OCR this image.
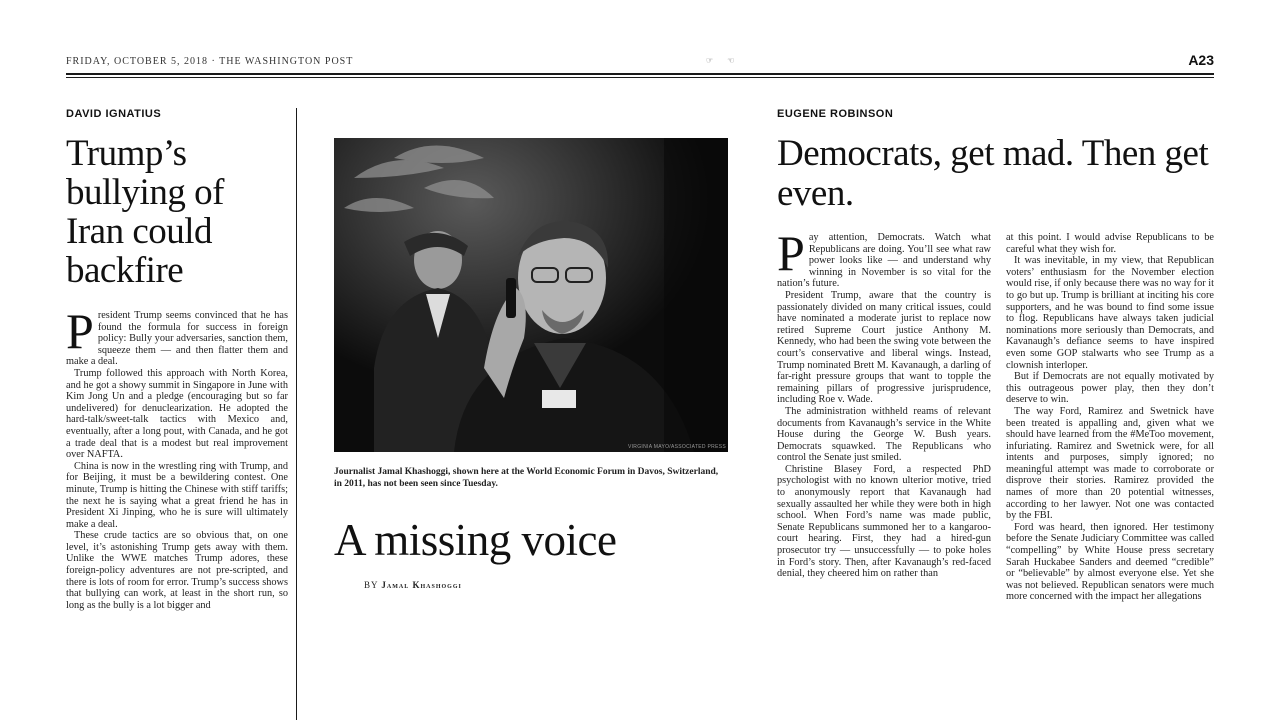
FRIDAY, OCTOBER 5, 2018 · THE WASHINGTON POST	☞ ☜	A23
DAVID IGNATIUS
Trump’s bullying of Iran could backfire

President Trump seems convinced that he has found the formula for success in foreign policy: Bully your adversaries, sanction them, squeeze them — and then flatter them and make a deal.

Trump followed this approach with North Korea, and he got a showy summit in Singapore in June with Kim Jong Un and a pledge (encouraging but so far undelivered) for denuclearization. He adopted the hard-talk/sweet-talk tactics with Mexico and, eventually, after a long pout, with Canada, and he got a trade deal that is a modest but real improvement over NAFTA.

China is now in the wrestling ring with Trump, and for Beijing, it must be a bewildering contest. One minute, Trump is hitting the Chinese with stiff tariffs; the next he is saying what a great friend he has in President Xi Jinping, who he is sure will ultimately make a deal.

These crude tactics are so obvious that, on one level, it’s astonishing Trump gets away with them. Unlike the WWE matches Trump adores, these foreign-policy adventures are not pre-scripted, and there is lots of room for error. Trump’s success shows that bullying can work, at least in the short run, so long as the bully is a lot bigger and

VIRGINIA MAYO/ASSOCIATED PRESS
Journalist Jamal Khashoggi, shown here at the World Economic Forum in Davos, Switzerland, in 2011, has not been seen since Tuesday.
A missing voice
BY Jamal Khashoggi
EUGENE ROBINSON
Democrats, get mad. Then get even.

Pay attention, Democrats. Watch what Republicans are doing. You’ll see what raw power looks like — and understand why winning in November is so vital for the nation’s future.

President Trump, aware that the country is passionately divided on many critical issues, could have nominated a moderate jurist to replace now retired Supreme Court justice Anthony M. Kennedy, who had been the swing vote between the court’s conservative and liberal wings. Instead, Trump nominated Brett M. Kavanaugh, a darling of far-right pressure groups that want to topple the remaining pillars of progressive jurisprudence, including Roe v. Wade.

The administration withheld reams of relevant documents from Kavanaugh’s service in the White House during the George W. Bush years. Democrats squawked. The Republicans who control the Senate just smiled.

Christine Blasey Ford, a respected PhD psychologist with no known ulterior motive, tried to anonymously report that Kavanaugh had sexually assaulted her while they were both in high school. When Ford’s name was made public, Senate Republicans summoned her to a kangaroo-court hearing. First, they had a hired-gun prosecutor try — unsuccessfully — to poke holes in Ford’s story. Then, after Kavanaugh’s red-faced denial, they cheered him on rather than

at this point. I would advise Republicans to be careful what they wish for.

It was inevitable, in my view, that Republican voters’ enthusiasm for the November election would rise, if only because there was no way for it to go but up. Trump is brilliant at inciting his core supporters, and he was bound to find some issue to flog. Republicans have always taken judicial nominations more seriously than Democrats, and Kavanaugh’s defiance seems to have inspired even some GOP stalwarts who see Trump as a clownish interloper.

But if Democrats are not equally motivated by this outrageous power play, then they don’t deserve to win.

The way Ford, Ramirez and Swetnick have been treated is appalling and, given what we should have learned from the #MeToo movement, infuriating. Ramirez and Swetnick were, for all intents and purposes, simply ignored; no meaningful attempt was made to corroborate or disprove their stories. Ramirez provided the names of more than 20 potential witnesses, according to her lawyer. Not one was contacted by the FBI.

Ford was heard, then ignored. Her testimony before the Senate Judiciary Committee was called “compelling” by White House press secretary Sarah Huckabee Sanders and deemed “credible” or “believable” by almost everyone else. Yet she was not believed. Republican senators were much more concerned with the impact her allegations
